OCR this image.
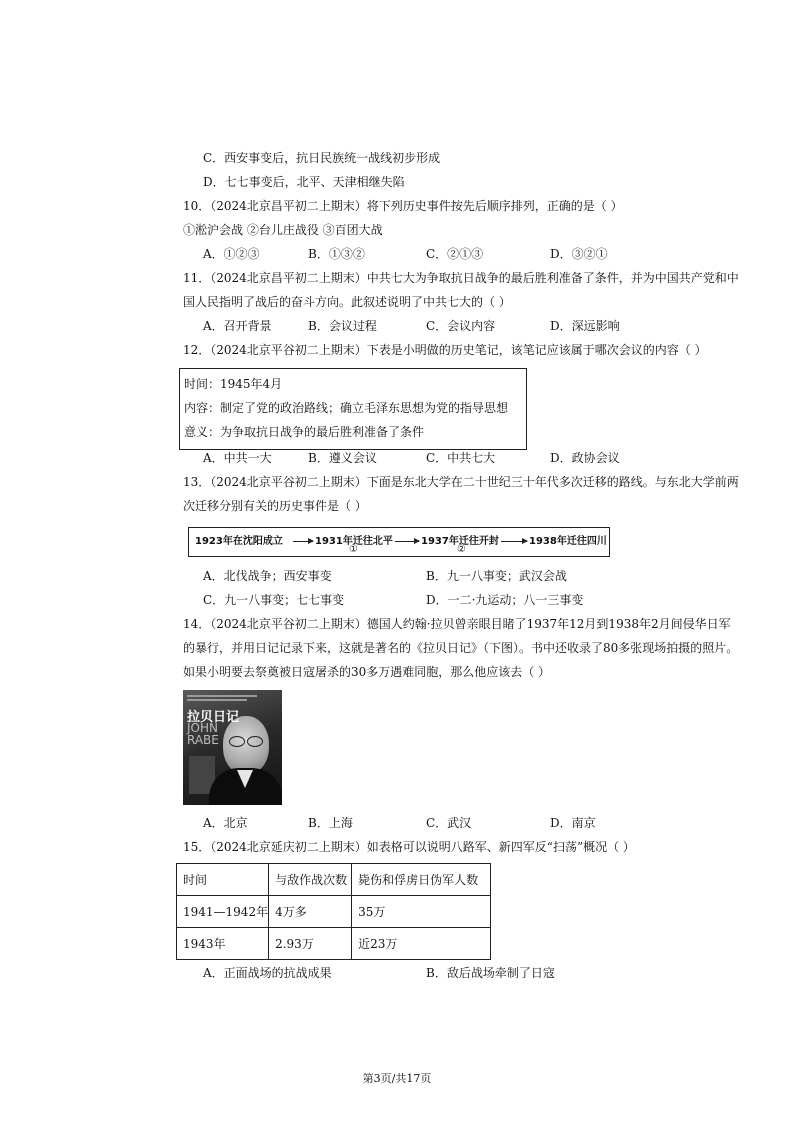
C．西安事变后，抗日民族统一战线初步形成
D．七七事变后，北平、天津相继失陷
10．（2024北京昌平初二上期末）将下列历史事件按先后顺序排列，正确的是（ ）
①淞沪会战 ②台儿庄战役 ③百团大战
A．①②③	B．①③②	C．②①③	D．③②①
11．（2024北京昌平初二上期末）中共七大为争取抗日战争的最后胜利准备了条件，并为中国共产党和中
国人民指明了战后的奋斗方向。此叙述说明了中共七大的（ ）
A．召开背景	B．会议过程	C．会议内容	D．深远影响
12．（2024北京平谷初二上期末）下表是小明做的历史笔记，该笔记应该属于哪次会议的内容（ ）
时间：1945年4月
内容：制定了党的政治路线；确立毛泽东思想为党的指导思想
意义：为争取抗日战争的最后胜利准备了条件
A．中共一大	B．遵义会议	C．中共七大	D．政协会议
13．（2024北京平谷初二上期末）下面是东北大学在二十世纪三十年代多次迁移的路线。与东北大学前两
次迁移分别有关的历史事件是（ ）
1923年在沈阳成立	1931年迁往北平
①
1937年迁往开封
②
1938年迁往四川
A．北伐战争；西安事变	B．九一八事变；武汉会战
C．九一八事变；七七事变	D．一二·九运动；八一三事变
14．（2024北京平谷初二上期末）德国人约翰·拉贝曾亲眼目睹了1937年12月到1938年2月间侵华日军
的暴行，并用日记记录下来，这就是著名的《拉贝日记》（下图）。书中还收录了80多张现场拍摄的照片。
如果小明要去祭奠被日寇屠杀的30多万遇难同胞，那么他应该去（ ）
拉贝日记
JOHN
RABE
A．北京	B．上海	C．武汉	D．南京
15．（2024北京延庆初二上期末）如表格可以说明八路军、新四军反“扫荡”概况（ ）
时间	与敌作战次数	毙伤和俘虏日伪军人数
1941—1942年	4万多	35万
1943年	2.93万	近23万
A．正面战场的抗战成果	B．敌后战场牵制了日寇
第3页/共17页
